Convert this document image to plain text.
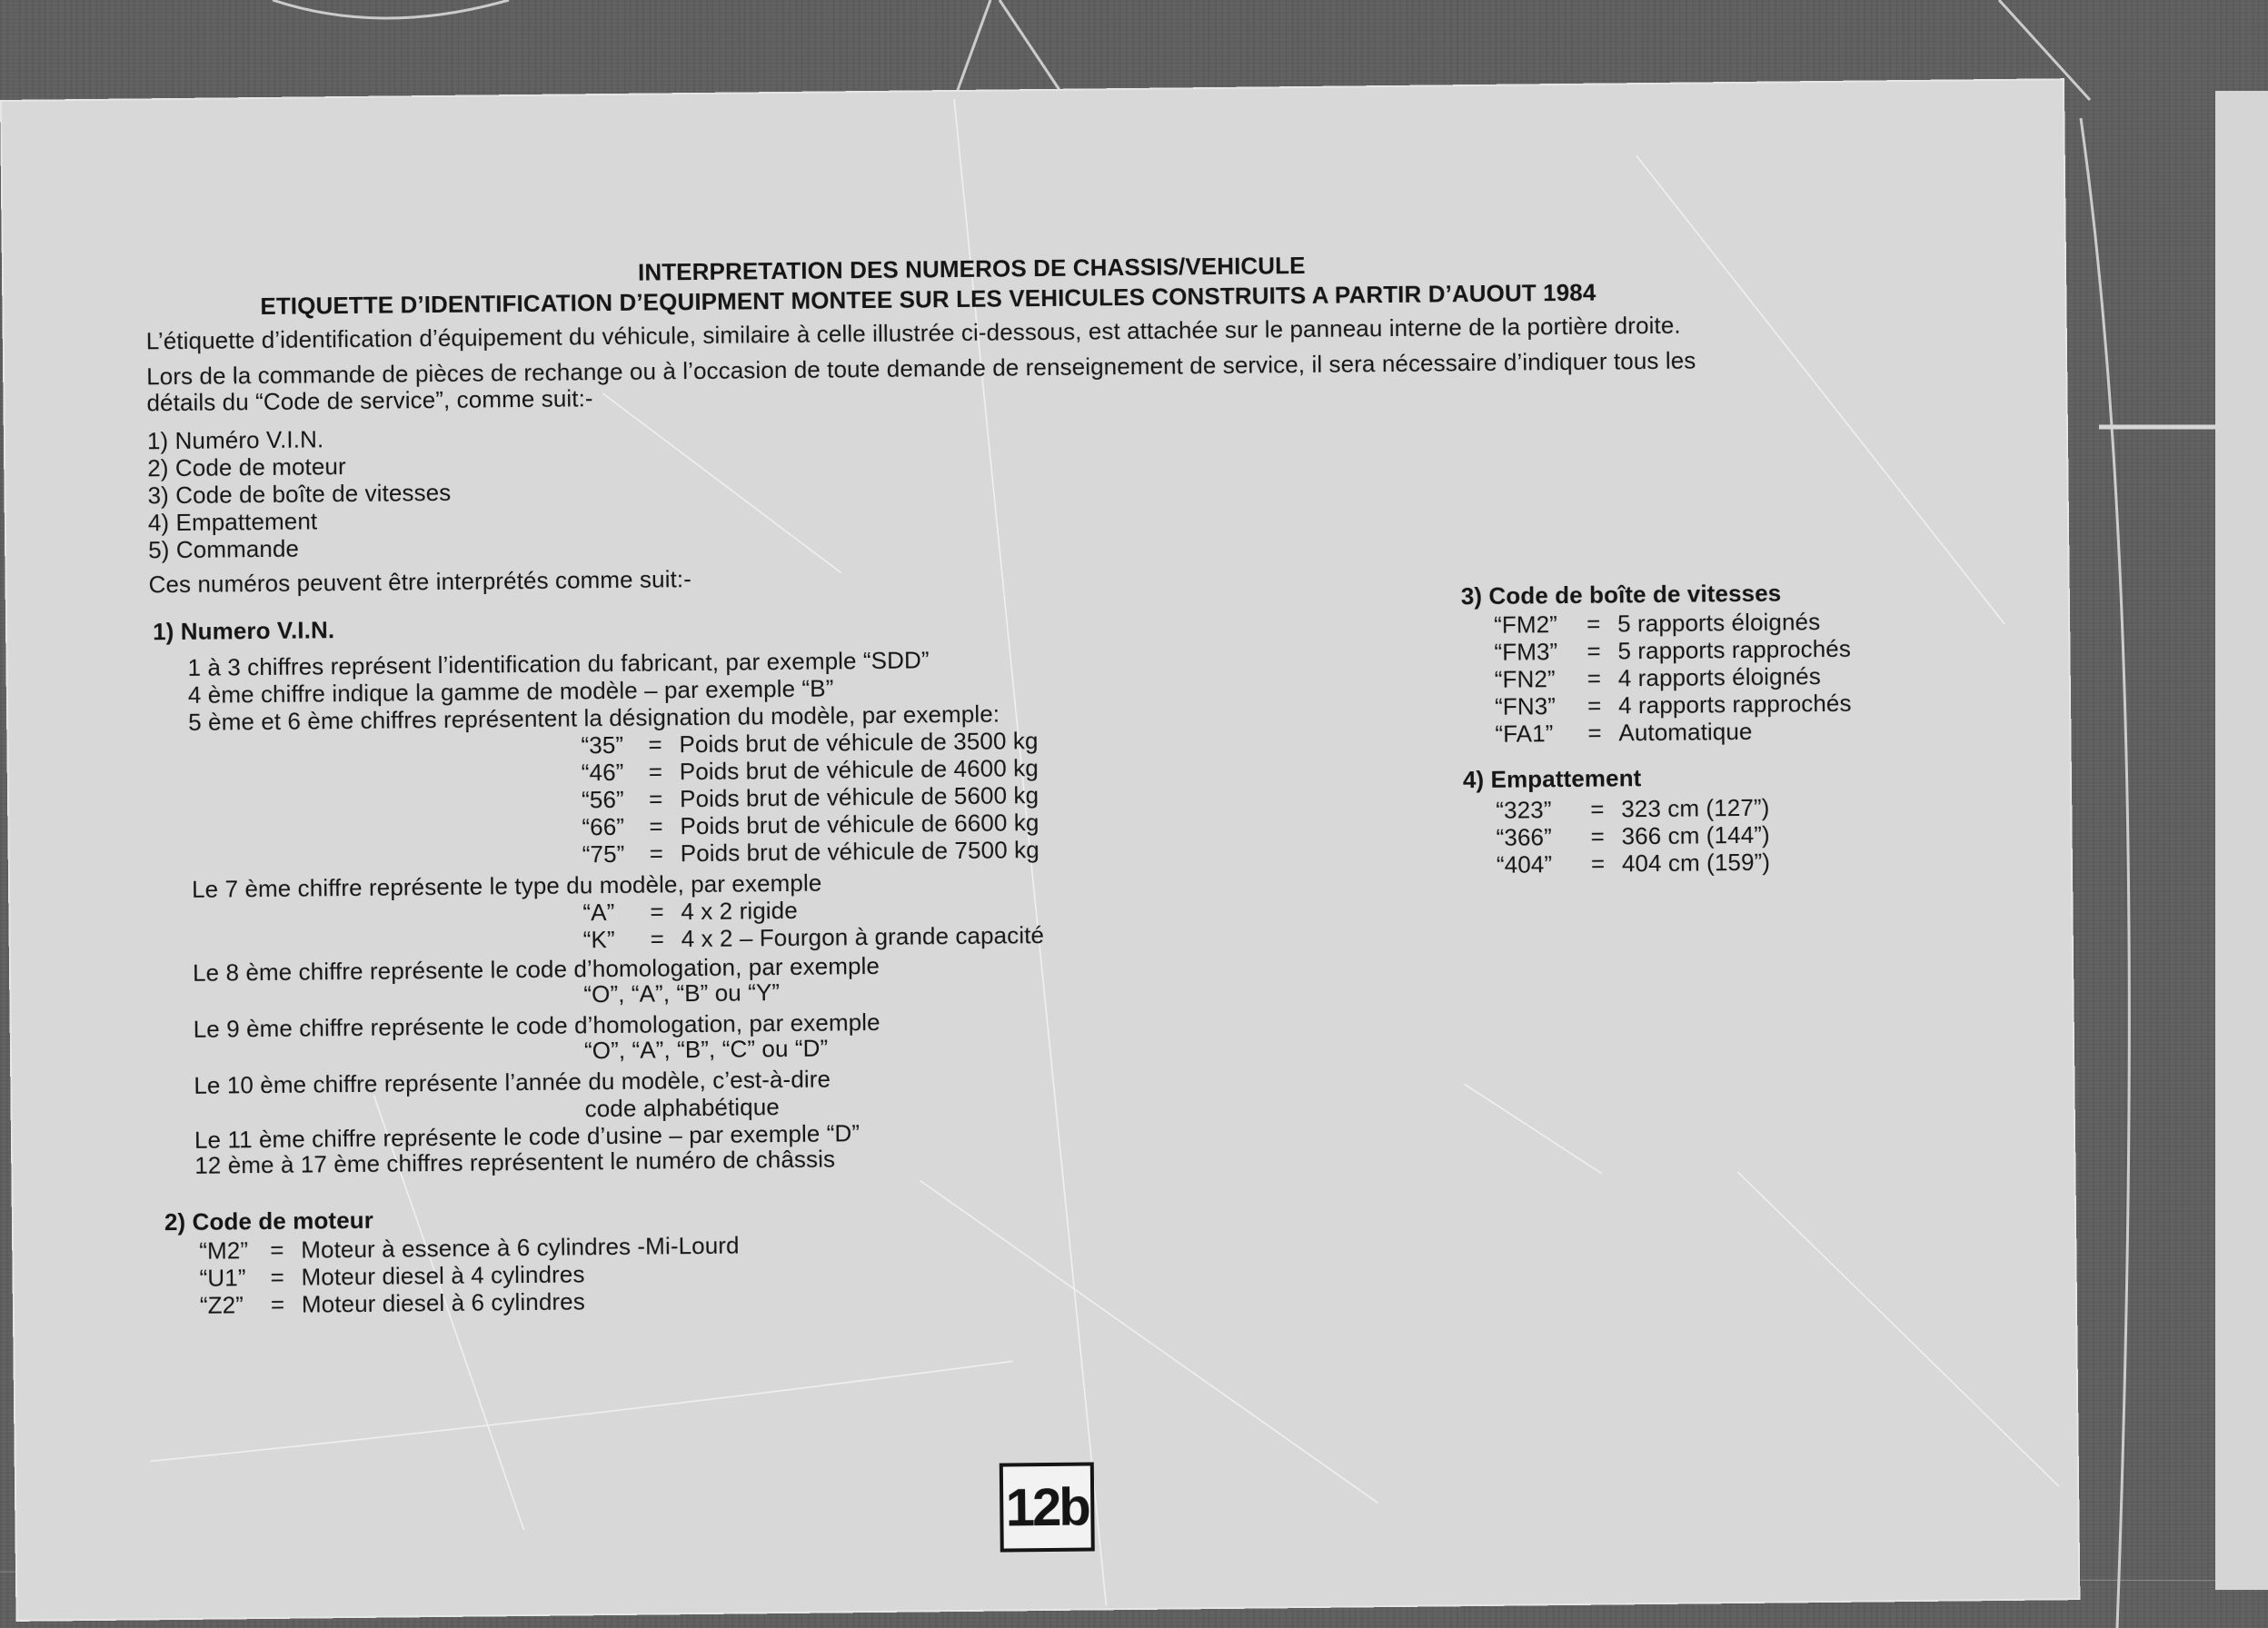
INTERPRETATION DES NUMEROS DE CHASSIS/VEHICULE
ETIQUETTE D’IDENTIFICATION D’EQUIPMENT MONTEE SUR LES VEHICULES CONSTRUITS A PARTIR D’AUOUT 1984
L’étiquette d’identification d’équipement du véhicule, similaire à celle illustrée ci-dessous, est attachée sur le panneau interne de la portière droite.
Lors de la commande de pièces de rechange ou à l’occasion de toute demande de renseignement de service, il sera nécessaire d’indiquer tous les
détails du “Code de service”, comme suit:-
1) Numéro V.I.N.
2) Code de moteur
3) Code de boîte de vitesses
4) Empattement
5) Commande
Ces numéros peuvent être interprétés comme suit:-
1) Numero V.I.N.
1 à 3 chiffres représent l’identification du fabricant, par exemple “SDD”
4 ème chiffre indique la gamme de modèle – par exemple “B”
5 ème et 6 ème chiffres représentent la désignation du modèle, par exemple:
“35” = Poids brut de véhicule de 3500 kg
“46” = Poids brut de véhicule de 4600 kg
“56” = Poids brut de véhicule de 5600 kg
“66” = Poids brut de véhicule de 6600 kg
“75” = Poids brut de véhicule de 7500 kg
Le 7 ème chiffre représente le type du modèle, par exemple
“A” = 4 x 2 rigide
“K” = 4 x 2 – Fourgon à grande capacité
Le 8 ème chiffre représente le code d’homologation, par exemple
“O”, “A”, “B” ou “Y”
Le 9 ème chiffre représente le code d’homologation, par exemple
“O”, “A”, “B”, “C” ou “D”
Le 10 ème chiffre représente l’année du modèle, c’est-à-dire
code alphabétique
Le 11 ème chiffre représente le code d’usine – par exemple “D”
12 ème à 17 ème chiffres représentent le numéro de châssis
2) Code de moteur
“M2” = Moteur à essence à 6 cylindres -Mi-Lourd
“U1” = Moteur diesel à 4 cylindres
“Z2” = Moteur diesel à 6 cylindres
3) Code de boîte de vitesses
“FM2” = 5 rapports éloignés
“FM3” = 5 rapports rapprochés
“FN2” = 4 rapports éloignés
“FN3” = 4 rapports rapprochés
“FA1” = Automatique
4) Empattement
“323” = 323 cm (127”)
“366” = 366 cm (144”)
“404” = 404 cm (159”)
12b
